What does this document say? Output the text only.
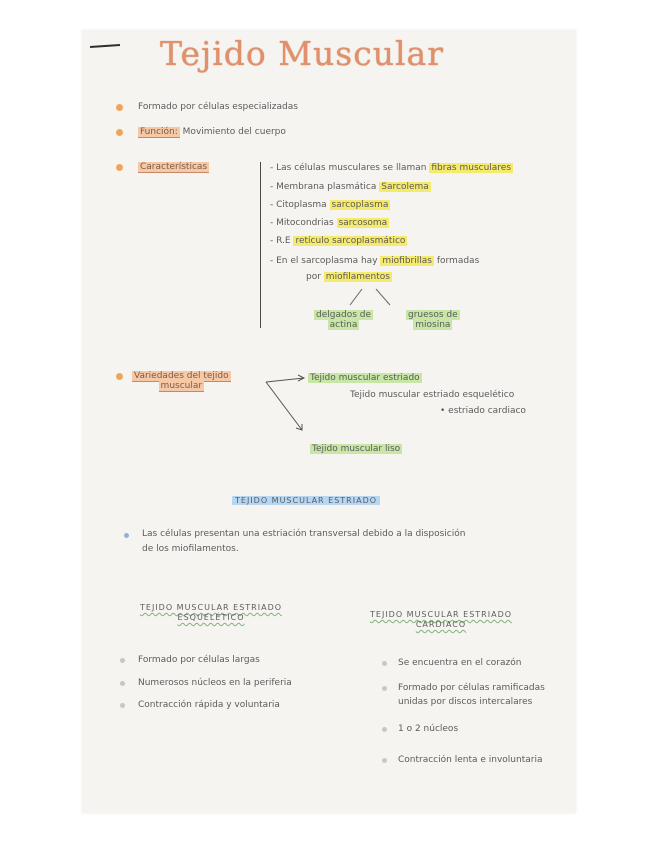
Tejido Muscular
Formado por células especializadas
Función: Movimiento del cuerpo
Características	- Las células musculares se llaman fibras musculares
- Membrana plasmática Sarcolema
- Citoplasma sarcoplasma
- Mitocondrias sarcosoma
- R.E retículo sarcoplasmático
- En el sarcoplasma hay miofibrillas formadas
por miofilamentos
delgados de
actina
gruesos de
miosina
Variedades del tejido
muscular
Tejido muscular estriado
Tejido muscular estriado esquelético
• estriado cardiaco
Tejido muscular liso
TEJIDO MUSCULAR ESTRIADO
Las células presentan una estriación transversal debido a la disposición
de los miofilamentos.
TEJIDO MUSCULAR ESTRIADO
ESQUELÉTICO
Formado por células largas
Numerosos núcleos en la periferia
Contracción rápida y voluntaria
TEJIDO MUSCULAR ESTRIADO
CARDIACO
Se encuentra en el corazón
Formado por células ramificadas
unidas por discos intercalares
1 o 2 núcleos
Contracción lenta e involuntaria
